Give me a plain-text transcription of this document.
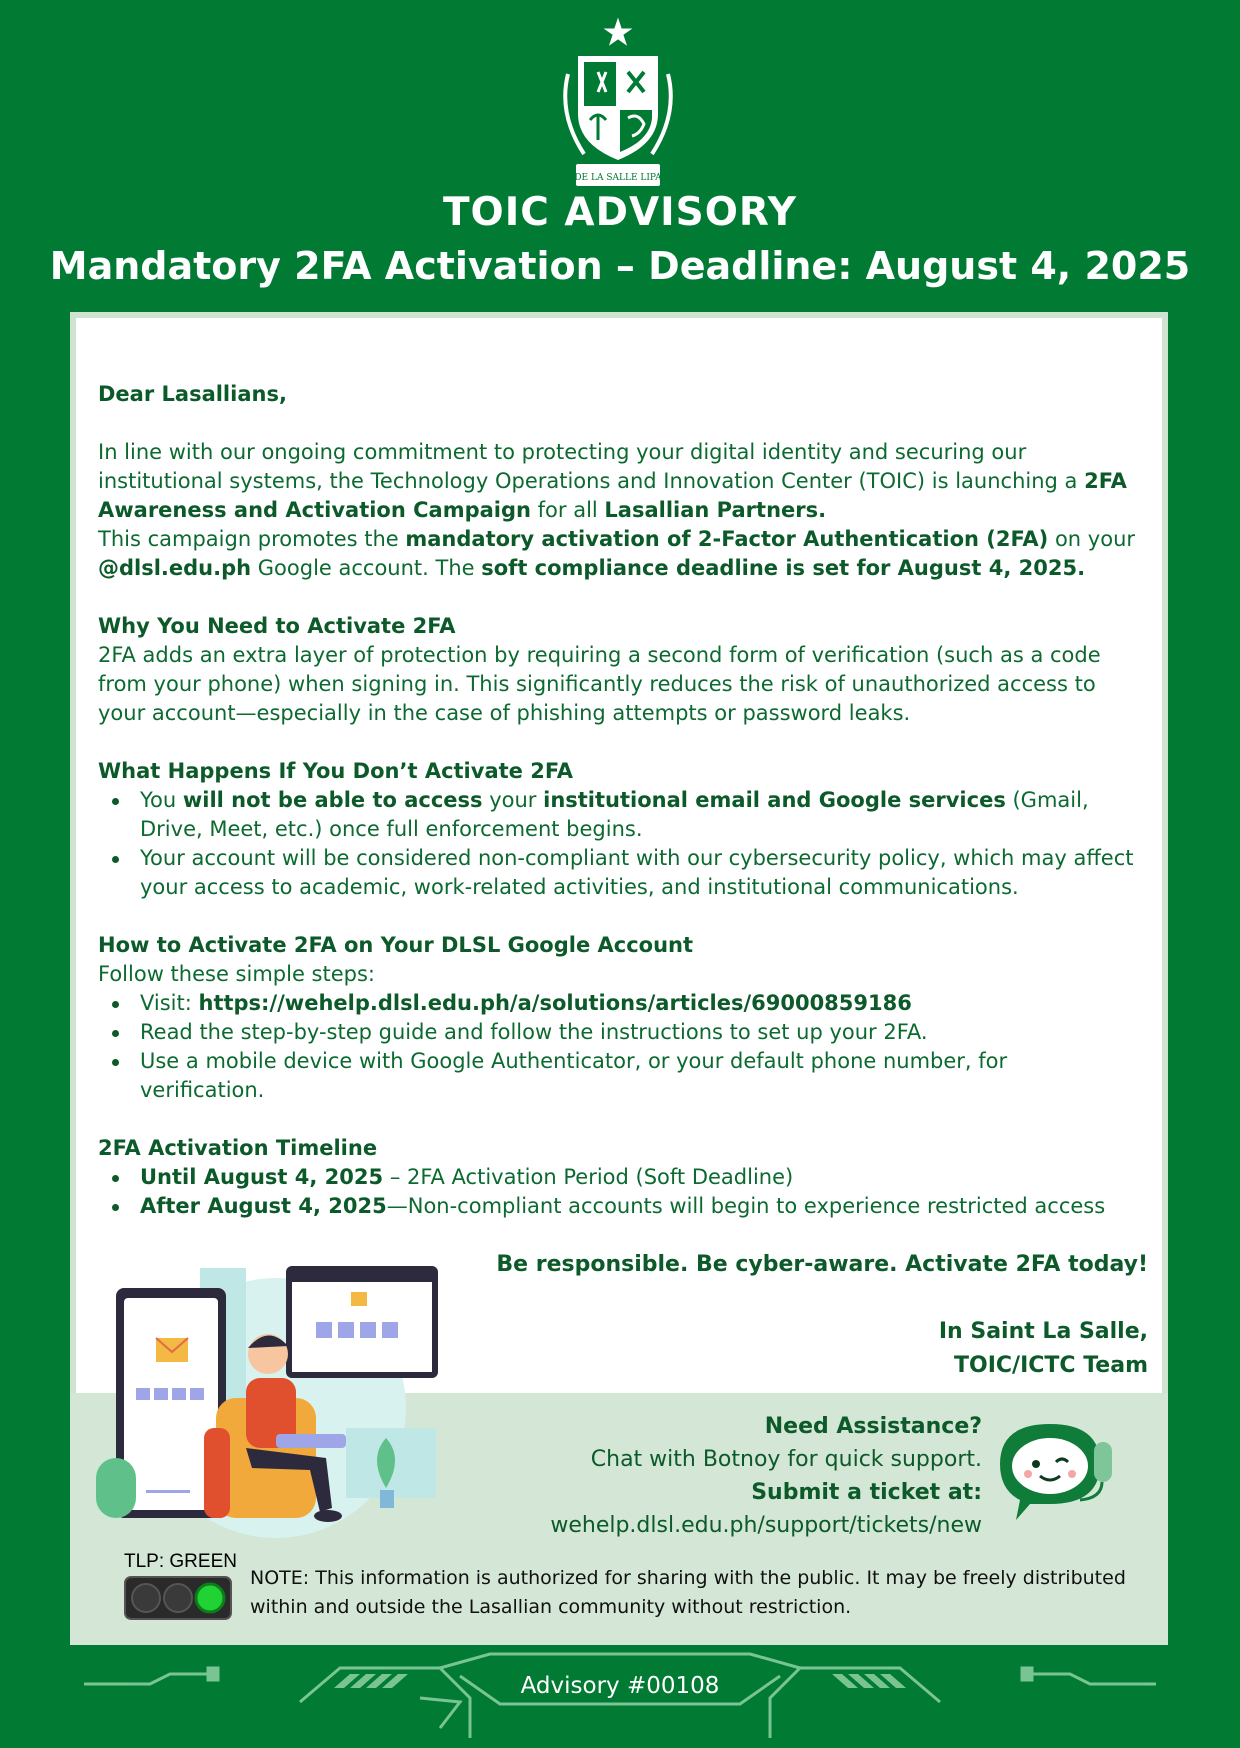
DE LA SALLE LIPA
TOIC ADVISORY
Mandatory 2FA Activation – Deadline: August 4, 2025

Dear Lasallians,

In line with our ongoing commitment to protecting your digital identity and securing our institutional systems, the Technology Operations and Innovation Center (TOIC) is launching a 2FA Awareness and Activation Campaign for all Lasallian Partners.

This campaign promotes the mandatory activation of 2-Factor Authentication (2FA) on your @dlsl.edu.ph Google account. The soft compliance deadline is set for August 4, 2025.

Why You Need to Activate 2FA

2FA adds an extra layer of protection by requiring a second form of verification (such as a code from your phone) when signing in. This significantly reduces the risk of unauthorized access to your account—especially in the case of phishing attempts or password leaks.

What Happens If You Don’t Activate 2FA

You will not be able to access your institutional email and Google services (Gmail, Drive, Meet, etc.) once full enforcement begins.
Your account will be considered non-compliant with our cybersecurity policy, which may affect your access to academic, work-related activities, and institutional communications.

How to Activate 2FA on Your DLSL Google Account

Follow these simple steps:

Visit: https://wehelp.dlsl.edu.ph/a/solutions/articles/69000859186
Read the step-by-step guide and follow the instructions to set up your 2FA.
Use a mobile device with Google Authenticator, or your default phone number, for verification.

2FA Activation Timeline

Until August 4, 2025 – 2FA Activation Period (Soft Deadline)
After August 4, 2025—Non-compliant accounts will begin to experience restricted access
Be responsible. Be cyber-aware. Activate 2FA today!
In Saint La Salle,
TOIC/ICTC Team
Need Assistance?
Chat with Botnoy for quick support.
Submit a ticket at:
wehelp.dlsl.edu.ph/support/tickets/new
TLP: GREEN
NOTE: This information is authorized for sharing with the public. It may be freely distributed within and outside the Lasallian community without restriction.
Advisory #00108
